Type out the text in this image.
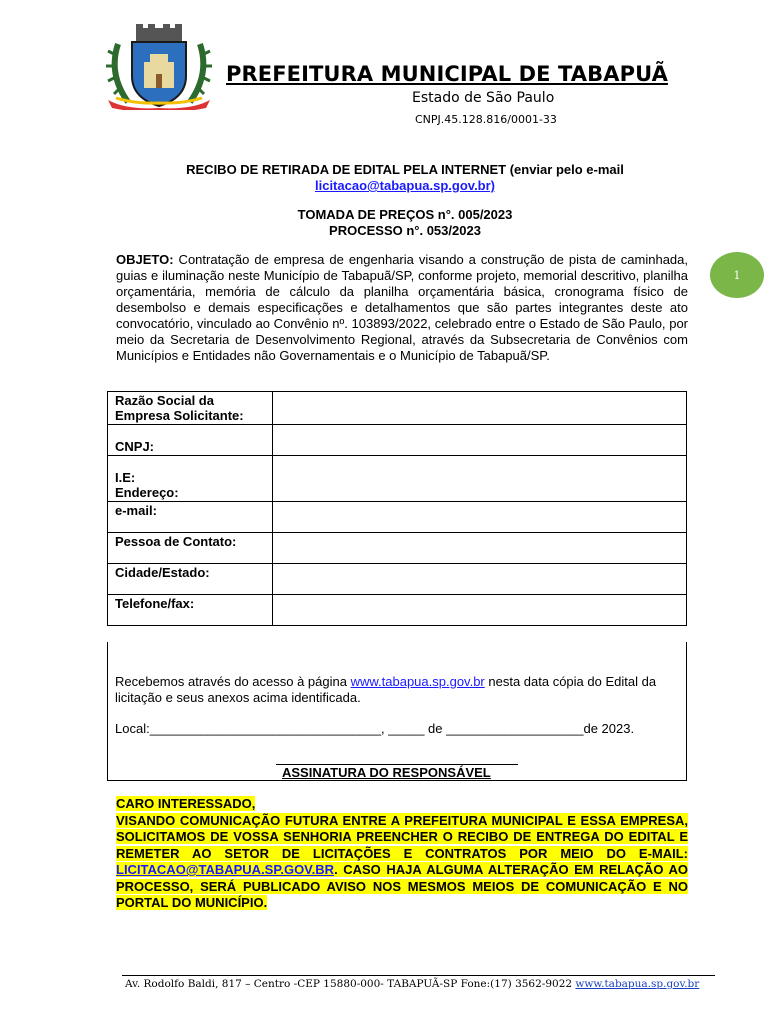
PREFEITURA MUNICIPAL DE TABAPUÃ
Estado de São Paulo
CNPJ.45.128.816/0001-33
RECIBO DE RETIRADA DE EDITAL PELA INTERNET (enviar pelo e-mail
licitacao@tabapua.sp.gov.br)
TOMADA DE PREÇOS n°. 005/2023
PROCESSO n°. 053/2023
OBJETO: Contratação de empresa de engenharia visando a construção de pista de caminhada, guias e iluminação neste Município de Tabapuã/SP, conforme projeto, memorial descritivo, planilha orçamentária, memória de cálculo da planilha orçamentária básica, cronograma físico de desembolso e demais especificações e detalhamentos que são partes integrantes deste ato convocatório, vinculado ao Convênio nº. 103893/2022, celebrado entre o Estado de São Paulo, por meio da Secretaria de Desenvolvimento Regional, através da Subsecretaria de Convênios com Municípios e Entidades não Governamentais e o Município de Tabapuã/SP.
1
Razão Social da Empresa Solicitante:	
CNPJ:	
I.E:
Endereço:	
e-mail:	
Pessoa de Contato:	
Cidade/Estado:	
Telefone/fax:	
Recebemos através do acesso à página www.tabapua.sp.gov.br nesta data cópia do Edital da licitação e seus anexos acima identificada.
Local:________________________________, _____ de ___________________de 2023.
ASSINATURA DO RESPONSÁVEL
CARO INTERESSADO,
VISANDO COMUNICAÇÃO FUTURA ENTRE A PREFEITURA MUNICIPAL E ESSA EMPRESA, SOLICITAMOS DE VOSSA SENHORIA PREENCHER O RECIBO DE ENTREGA DO EDITAL E REMETER AO SETOR DE LICITAÇÕES E CONTRATOS POR MEIO DO E-MAIL: LICITACAO@TABAPUA.SP.GOV.BR. CASO HAJA ALGUMA ALTERAÇÃO EM RELAÇÃO AO PROCESSO, SERÁ PUBLICADO AVISO NOS MESMOS MEIOS DE COMUNICAÇÃO E NO PORTAL DO MUNICÍPIO.
Av. Rodolfo Baldi, 817 – Centro -CEP 15880-000- TABAPUÃ-SP Fone:(17) 3562-9022 www.tabapua.sp.gov.br
